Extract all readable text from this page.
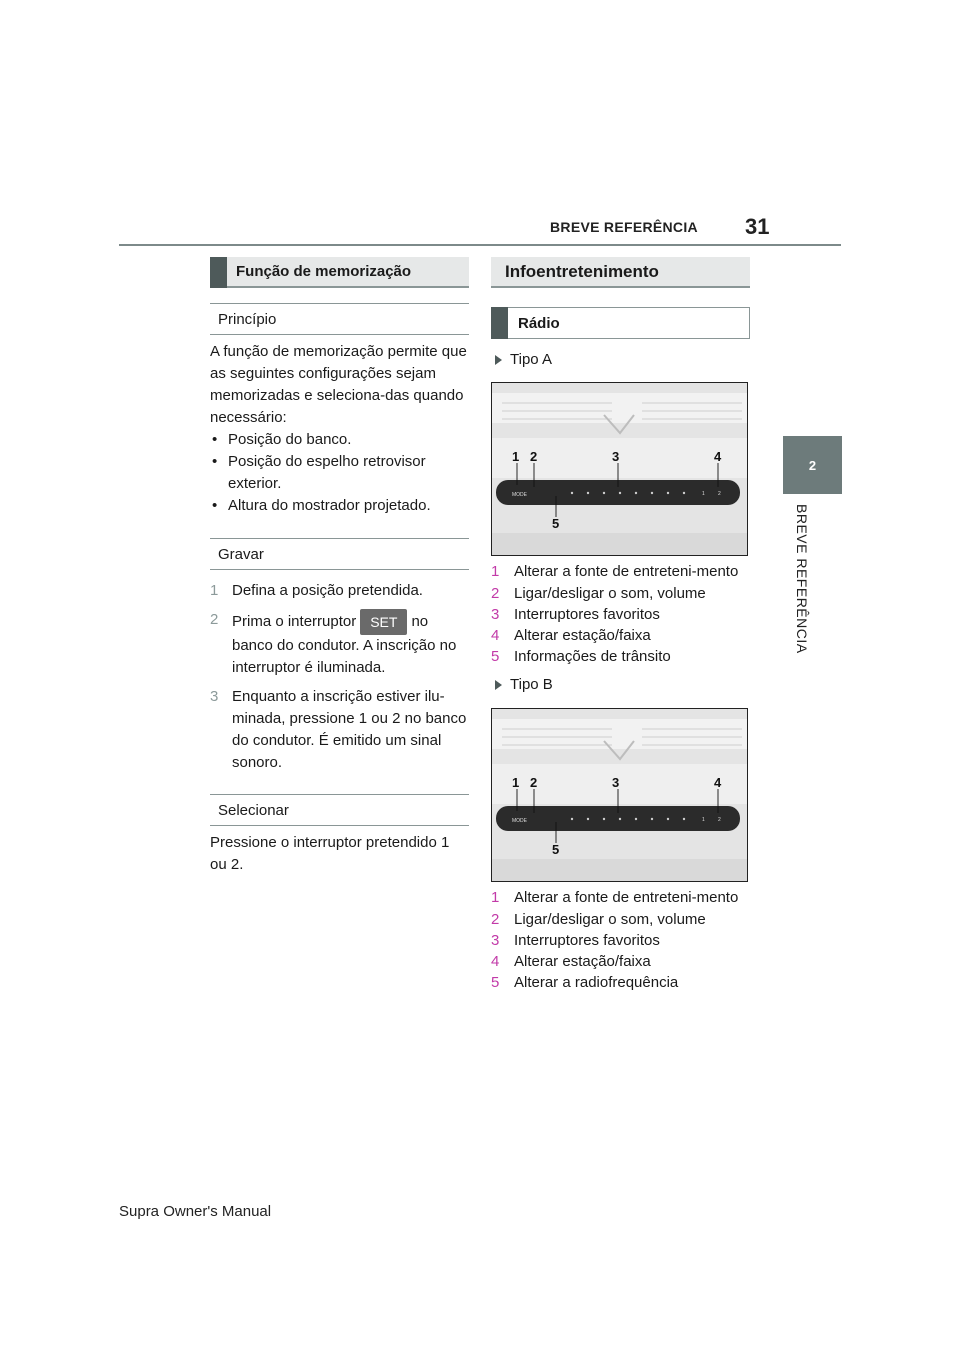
BREVE REFERÊNCIA 31
2
BREVE REFERÊNCIA
Função de memorização
Princípio

A função de memorização permite que as seguintes configurações sejam memorizadas e seleciona-das quando necessário:

• Posição do banco.
• Posição do espelho retrovisor exterior.
• Altura do mostrador projetado.
Gravar
1 Defina a posição pretendida.
2 Prima o interruptor SET no banco do condutor. A inscrição no interruptor é iluminada.
3 Enquanto a inscrição estiver ilu-minada, pressione 1 ou 2 no banco do condutor. É emitido um sinal sonoro.
Selecionar

Pressione o interruptor pretendido 1 ou 2.

Infoentretenimento
Rádio
Tipo A
MODE	1	2
1 2	3	4
5
1 Alterar a fonte de entreteni-mento
2 Ligar/desligar o som, volume
3 Interruptores favoritos
4 Alterar estação/faixa
5 Informações de trânsito
Tipo B
MODE	1	2
1 2	3	4
5
1 Alterar a fonte de entreteni-mento
2 Ligar/desligar o som, volume
3 Interruptores favoritos
4 Alterar estação/faixa
5 Alterar a radiofrequência
Supra Owner's Manual
